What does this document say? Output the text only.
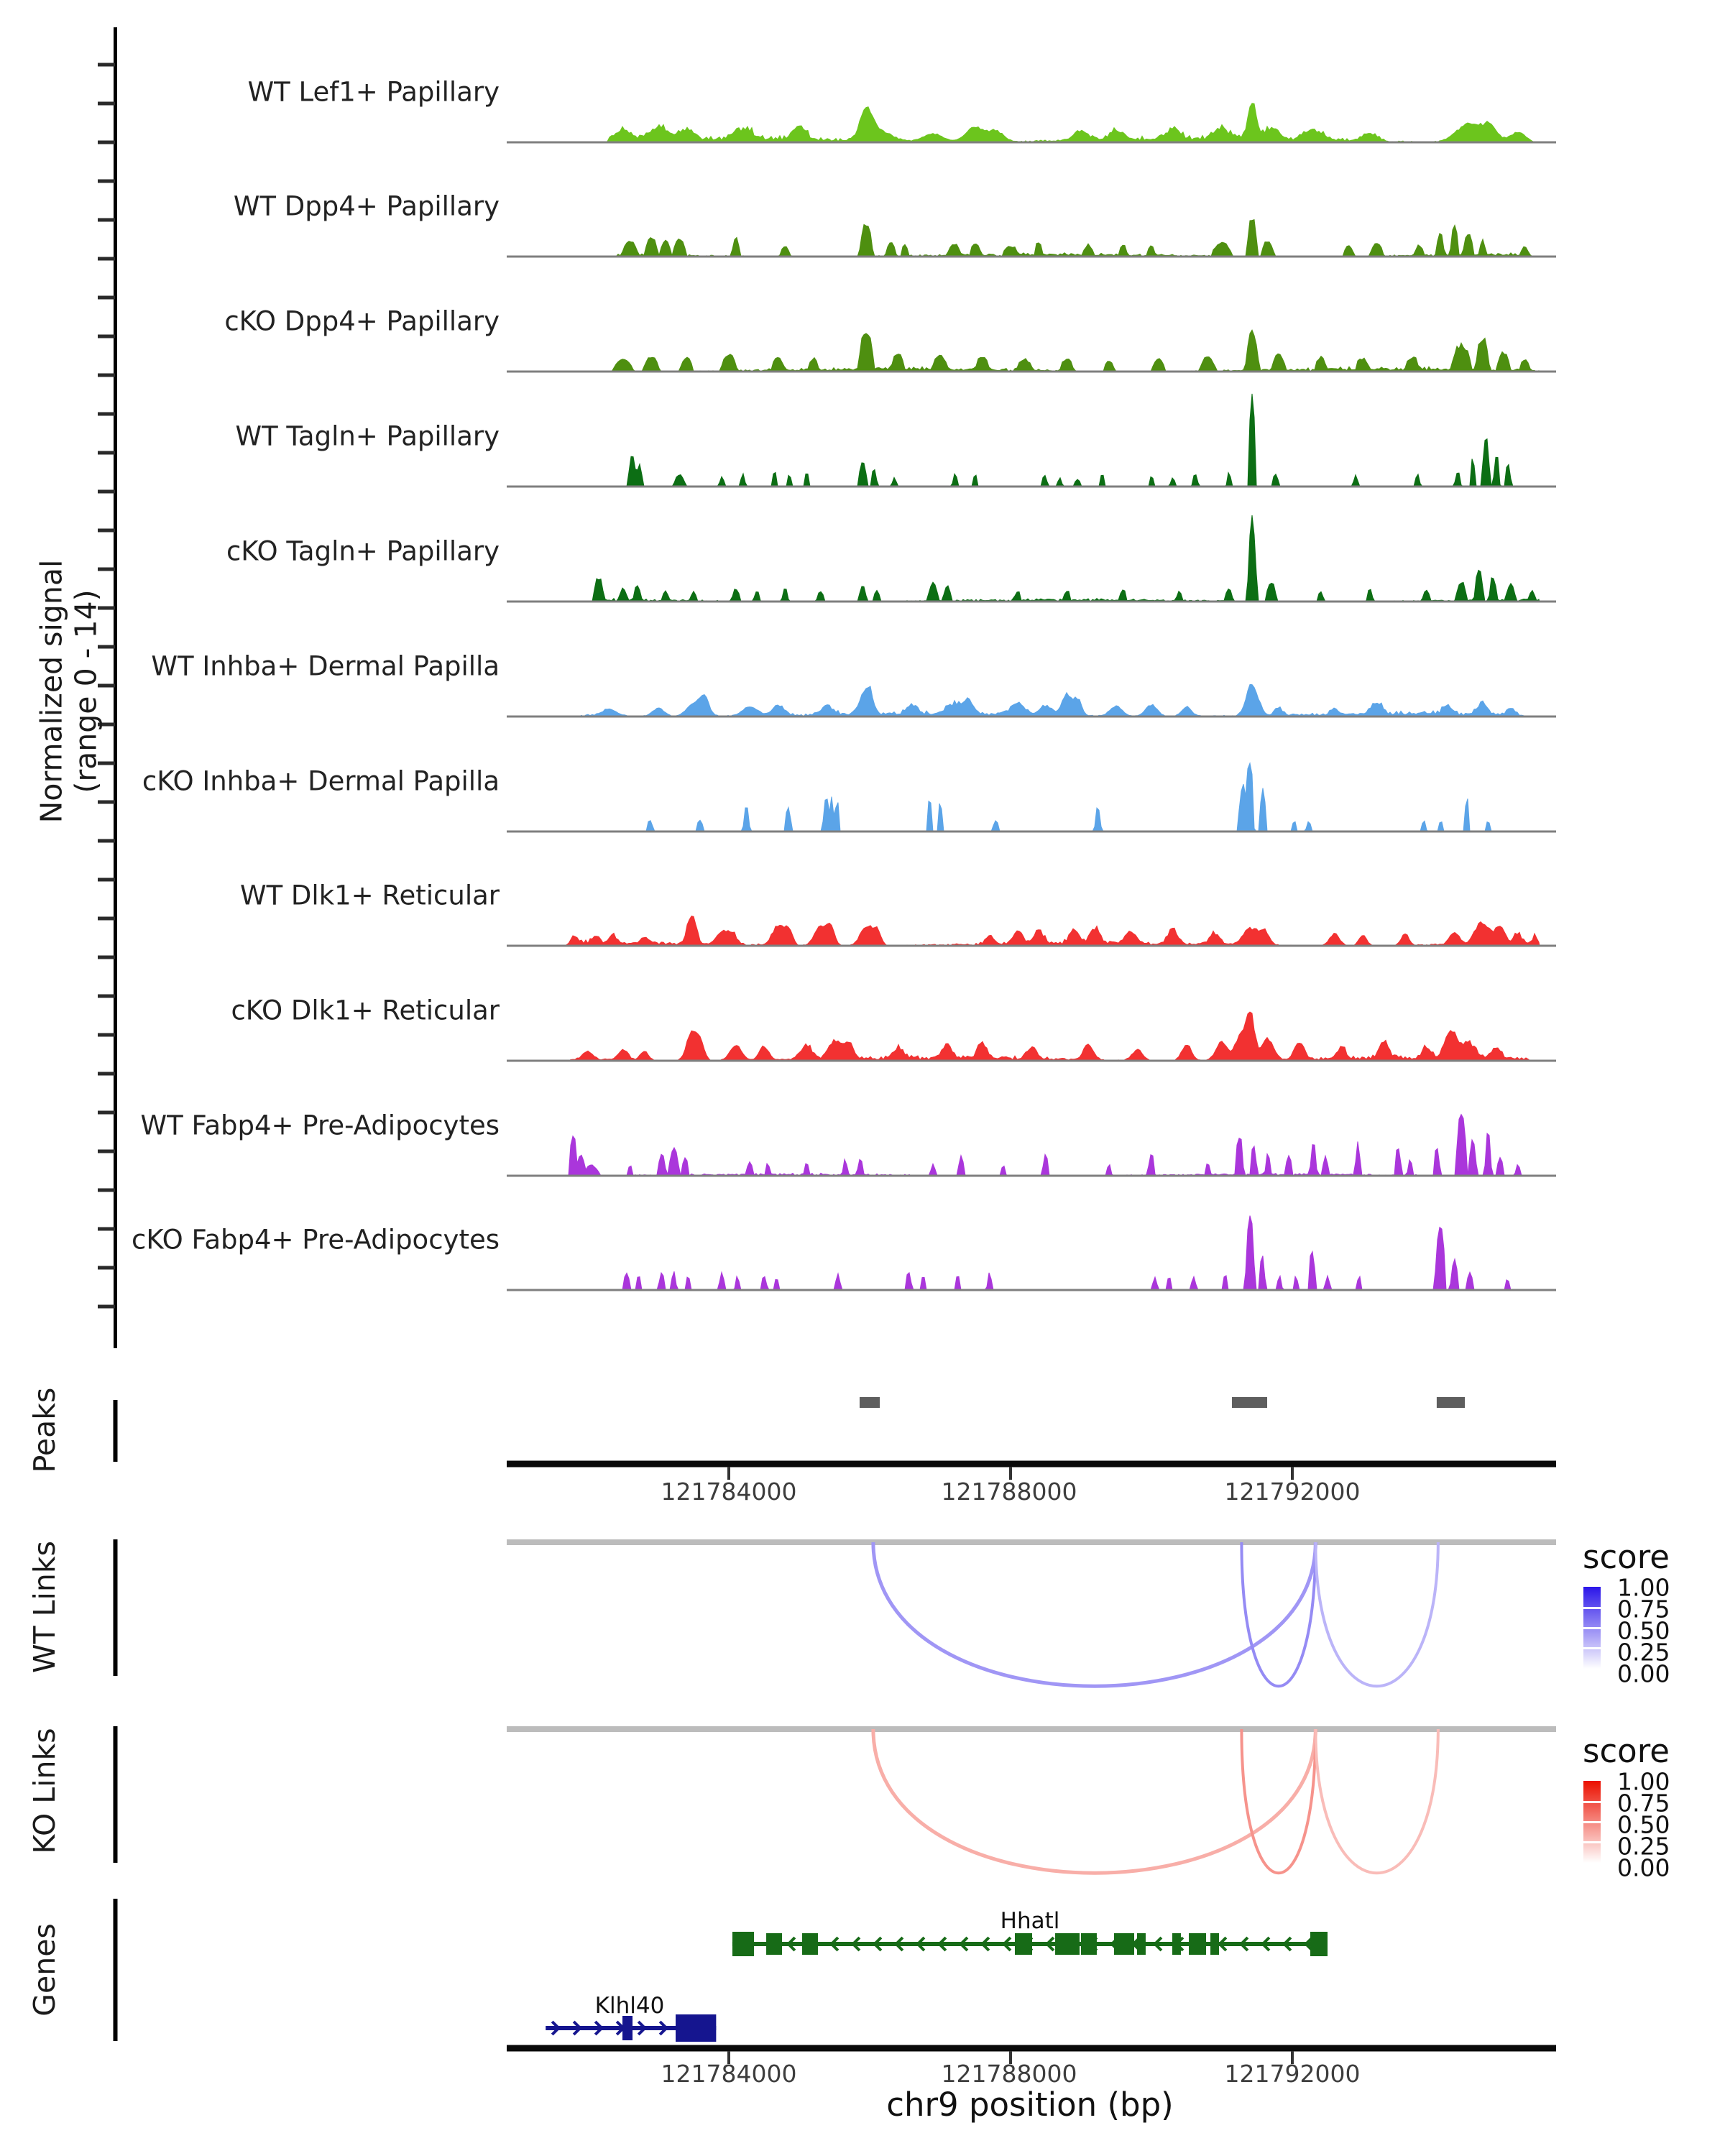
Normalized signal (range 0 - 14)
Peaks
WT Links
KO Links
Genes
WT Lef1+ Papillary
WT Dpp4+ Papillary
cKO Dpp4+ Papillary
WT Tagln+ Papillary
cKO Tagln+ Papillary
WT Inhba+ Dermal Papilla
cKO Inhba+ Dermal Papilla
WT Dlk1+ Reticular
cKO Dlk1+ Reticular
WT Fabp4+ Pre-Adipocytes
cKO Fabp4+ Pre-Adipocytes
121784000	121788000	121792000
score
1.00
0.75
0.50
0.25
0.00
score
1.00
0.75
0.50
0.25
0.00
Hhatl
Klhl40
121784000	121788000	121792000
chr9 position (bp)
